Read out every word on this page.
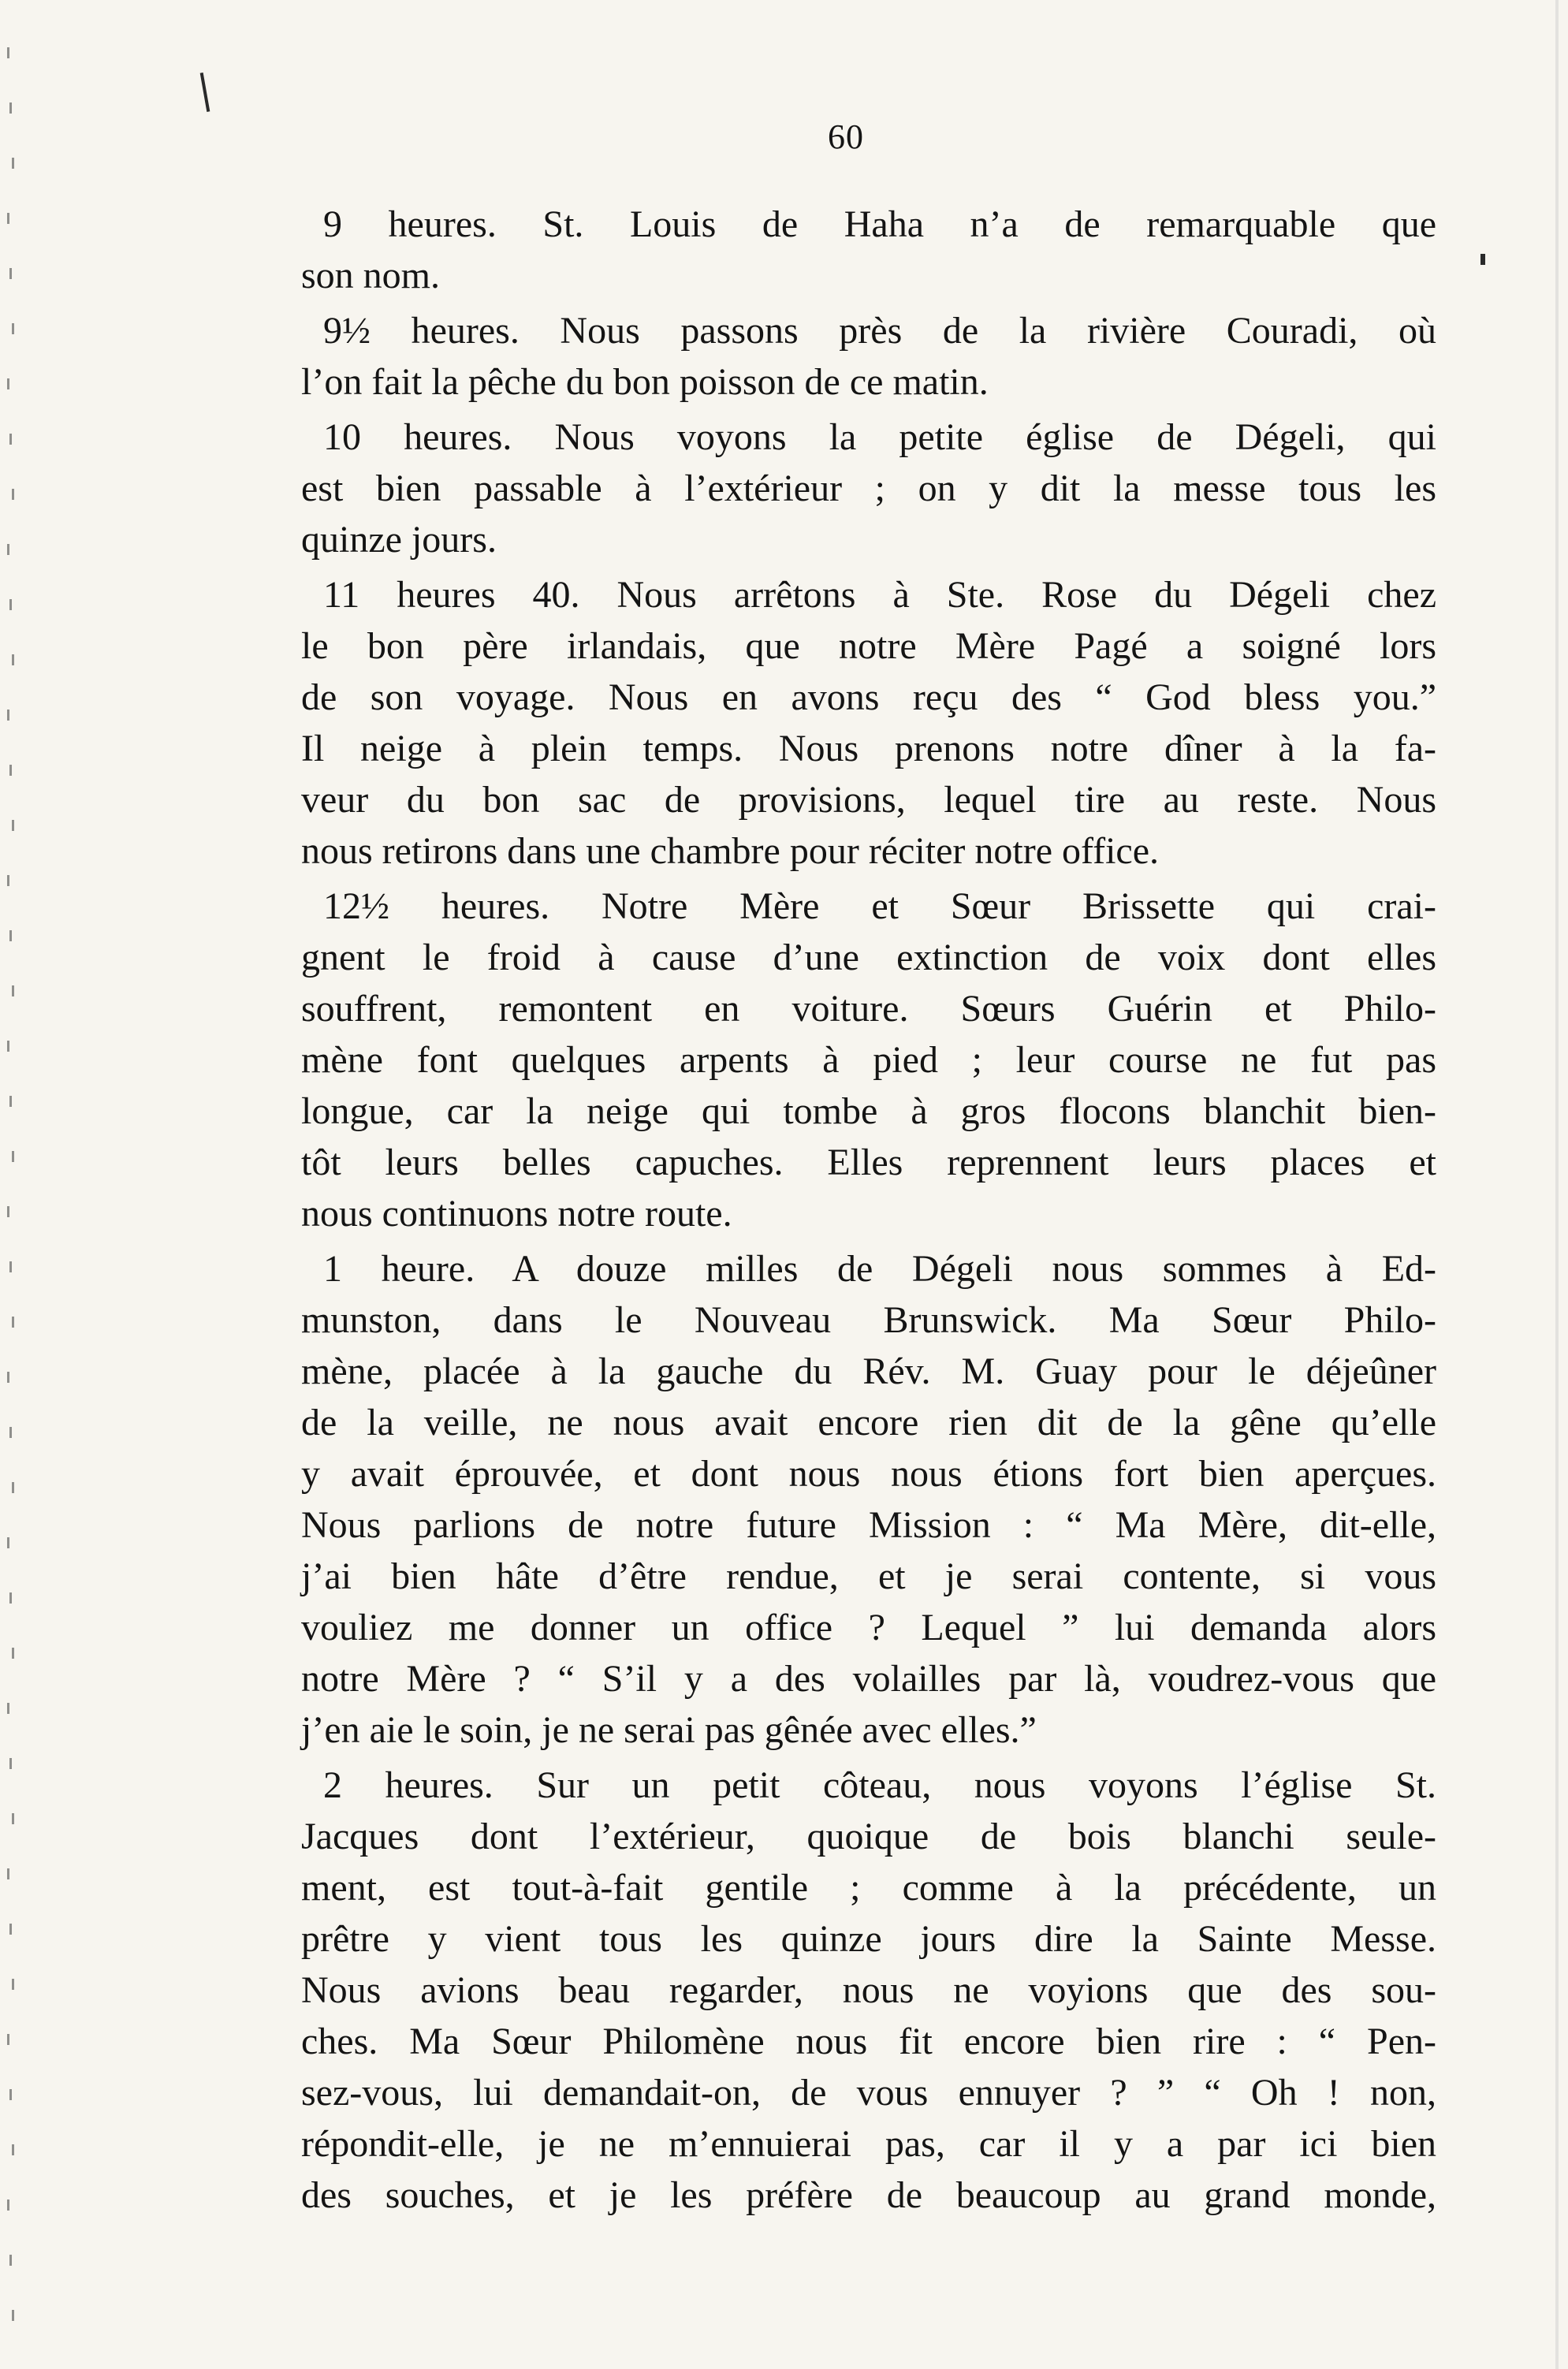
60
9 heures. St. Louis de Haha n’a de remarquable que
son nom.
9½ heures. Nous passons près de la rivière Couradi, où
l’on fait la pêche du bon poisson de ce matin.
10 heures. Nous voyons la petite église de Dégeli, qui
est bien passable à l’extérieur ; on y dit la messe tous les
quinze jours.
11 heures 40. Nous arrêtons à Ste. Rose du Dégeli chez
le bon père irlandais, que notre Mère Pagé a soigné lors
de son voyage. Nous en avons reçu des “ God bless you.”
Il neige à plein temps. Nous prenons notre dîner à la fa-
veur du bon sac de provisions, lequel tire au reste. Nous
nous retirons dans une chambre pour réciter notre office.
12½ heures. Notre Mère et Sœur Brissette qui crai-
gnent le froid à cause d’une extinction de voix dont elles
souffrent, remontent en voiture. Sœurs Guérin et Philo-
mène font quelques arpents à pied ; leur course ne fut pas
longue, car la neige qui tombe à gros flocons blanchit bien-
tôt leurs belles capuches. Elles reprennent leurs places et
nous continuons notre route.
1 heure. A douze milles de Dégeli nous sommes à Ed-
munston, dans le Nouveau Brunswick. Ma Sœur Philo-
mène, placée à la gauche du Rév. M. Guay pour le déjeûner
de la veille, ne nous avait encore rien dit de la gêne qu’elle
y avait éprouvée, et dont nous nous étions fort bien aperçues.
Nous parlions de notre future Mission : “ Ma Mère, dit-elle,
j’ai bien hâte d’être rendue, et je serai contente, si vous
vouliez me donner un office ? Lequel ” lui demanda alors
notre Mère ? “ S’il y a des volailles par là, voudrez-vous que
j’en aie le soin, je ne serai pas gênée avec elles.”
2 heures. Sur un petit côteau, nous voyons l’église St.
Jacques dont l’extérieur, quoique de bois blanchi seule-
ment, est tout-à-fait gentile ; comme à la précédente, un
prêtre y vient tous les quinze jours dire la Sainte Messe.
Nous avions beau regarder, nous ne voyions que des sou-
ches. Ma Sœur Philomène nous fit encore bien rire : “ Pen-
sez-vous, lui demandait-on, de vous ennuyer ? ” “ Oh ! non,
répondit-elle, je ne m’ennuierai pas, car il y a par ici bien
des souches, et je les préfère de beaucoup au grand monde,
